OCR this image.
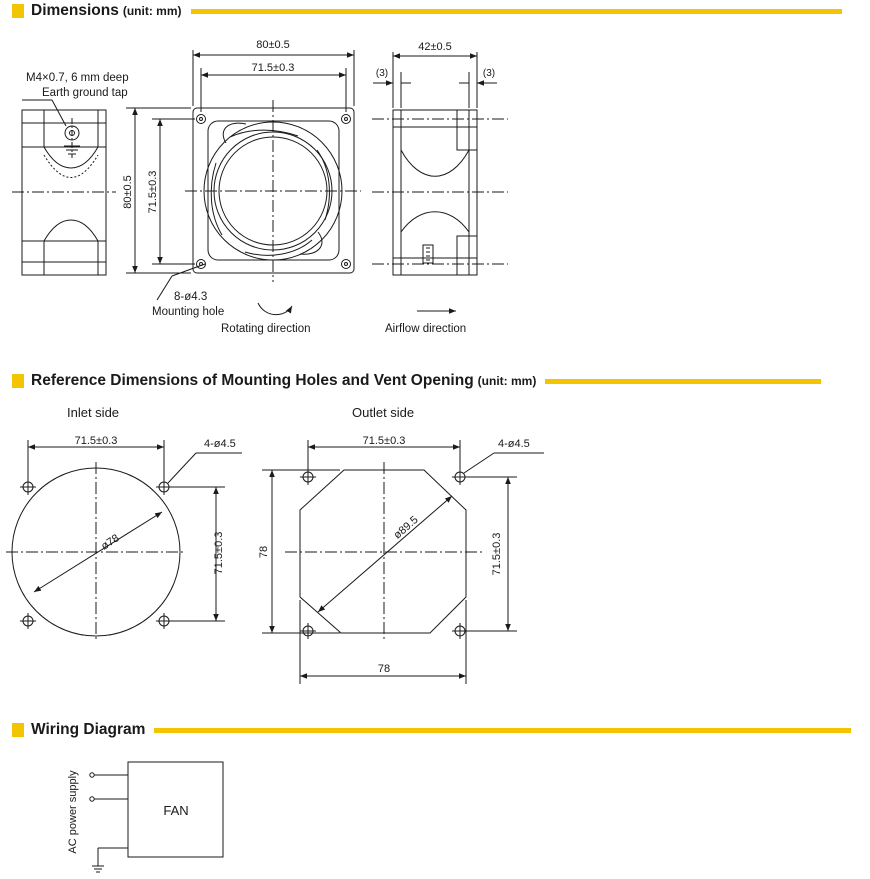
Dimensions (unit: mm)
Reference Dimensions of Mounting Holes and Vent Opening (unit: mm)
Wiring Diagram
80±0.5
71.5±0.3
80±0.5 71.5±0.3
42±0.5
(3)	(3)
M4×0.7, 6 mm deep
Earth ground tap
8-ø4.3
Mounting hole
Rotating direction	Airflow direction
Inlet side
71.5±0.3
71.5±0.3
4-ø4.5
ø78
Outlet side
71.5±0.3
71.5±0.3
4-ø4.5
ø89.5
78
78
AC power supply	FAN
